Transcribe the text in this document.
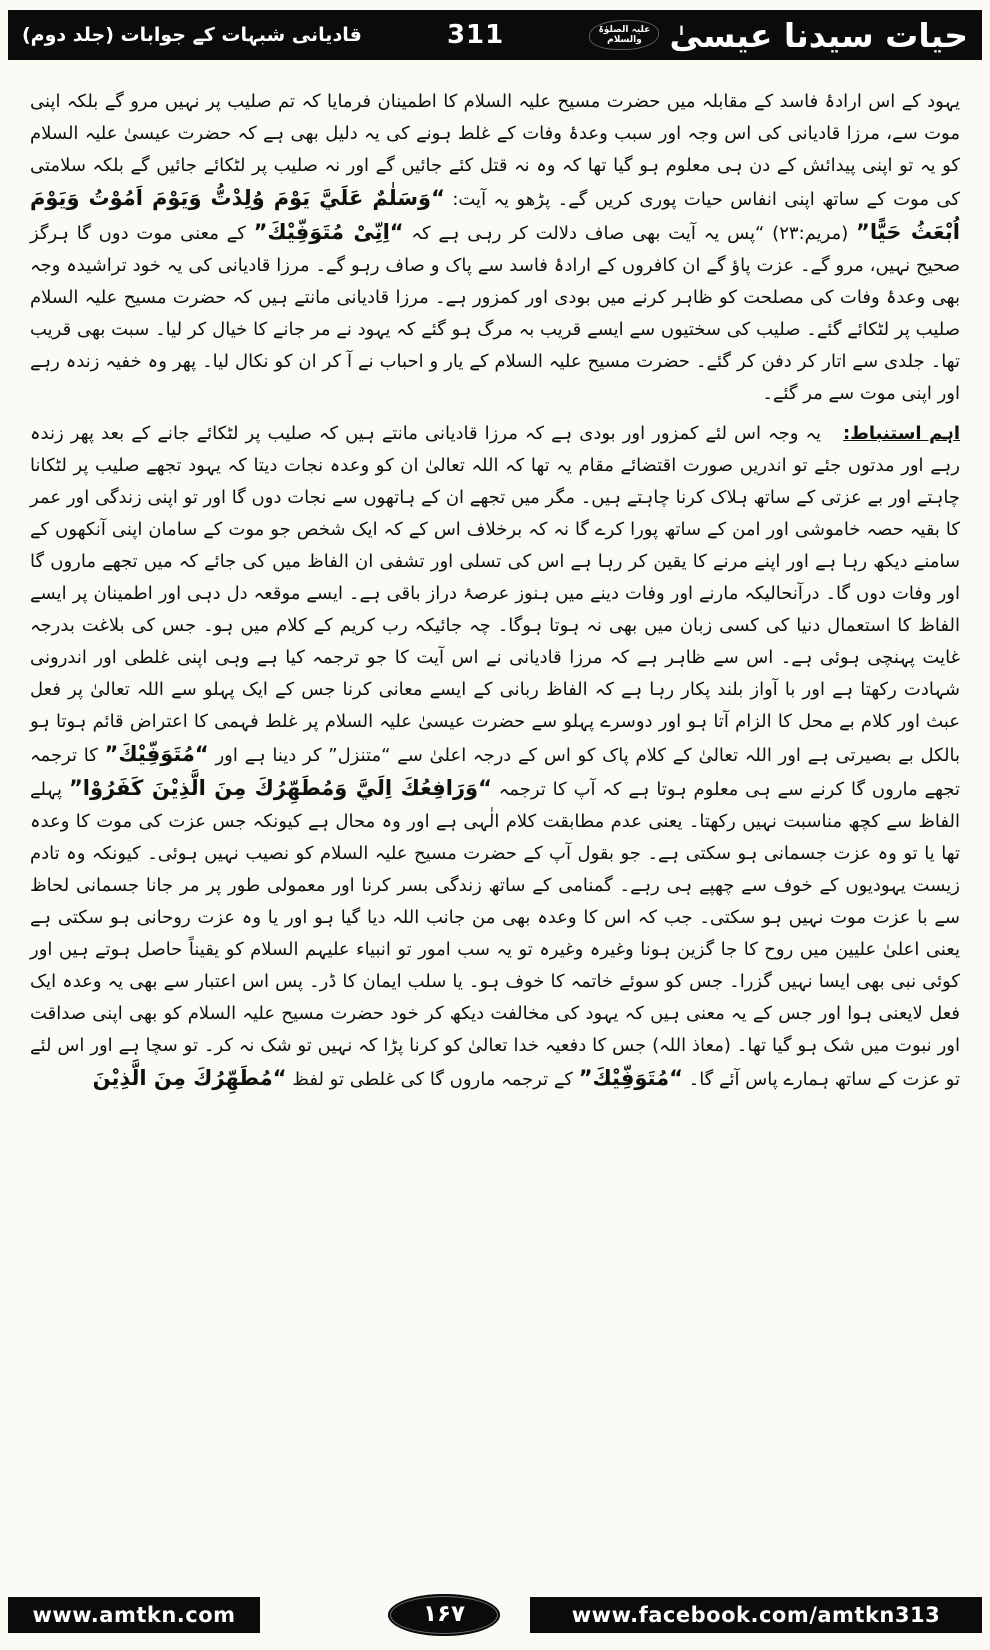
قادیانی شبہات کے جوابات (جلد دوم)	311	حیات سیدنا عیسیٰ
علیہ الصلوٰۃ والسلام

یہود کے اس ارادۂ فاسد کے مقابلہ میں حضرت مسیح علیہ السلام کا اطمینان فرمایا کہ تم صلیب پر نہیں مرو گے بلکہ اپنی موت سے، مرزا قادیانی کی اس وجہ اور سبب وعدۂ وفات کے غلط ہونے کی یہ دلیل بھی ہے کہ حضرت عیسیٰ علیہ السلام کو یہ تو اپنی پیدائش کے دن ہی معلوم ہو گیا تھا کہ وہ نہ قتل کئے جائیں گے اور نہ صلیب پر لٹکائے جائیں گے بلکہ سلامتی کی موت کے ساتھ اپنی انفاس حیات پوری کریں گے۔ پڑھو یہ آیت: “وَسَلٰمٌ عَلَيَّ يَوْمَ وُلِدْتُّ وَيَوْمَ اَمُوْتُ وَيَوْمَ اُبْعَثُ حَيًّا” (مریم:۲۳) “پس یہ آیت بھی صاف دلالت کر رہی ہے کہ “اِنِّیْ مُتَوَفِّيْكَ” کے معنی موت دوں گا ہرگز صحیح نہیں، مرو گے۔ عزت پاؤ گے ان کافروں کے ارادۂ فاسد سے پاک و صاف رہو گے۔ مرزا قادیانی کی یہ خود تراشیدہ وجہ بھی وعدۂ وفات کی مصلحت کو ظاہر کرنے میں بودی اور کمزور ہے۔ مرزا قادیانی مانتے ہیں کہ حضرت مسیح علیہ السلام صلیب پر لٹکائے گئے۔ صلیب کی سختیوں سے ایسے قریب بہ مرگ ہو گئے کہ یہود نے مر جانے کا خیال کر لیا۔ سبت بھی قریب تھا۔ جلدی سے اتار کر دفن کر گئے۔ حضرت مسیح علیہ السلام کے یار و احباب نے آ کر ان کو نکال لیا۔ پھر وہ خفیہ زندہ رہے اور اپنی موت سے مر گئے۔

اہم استنباط:یہ وجہ اس لئے کمزور اور بودی ہے کہ مرزا قادیانی مانتے ہیں کہ صلیب پر لٹکائے جانے کے بعد پھر زندہ رہے اور مدتوں جئے تو اندریں صورت اقتضائے مقام یہ تھا کہ اللہ تعالیٰ ان کو وعدہ نجات دیتا کہ یہود تجھے صلیب پر لٹکانا چاہتے اور بے عزتی کے ساتھ ہلاک کرنا چاہتے ہیں۔ مگر میں تجھے ان کے ہاتھوں سے نجات دوں گا اور تو اپنی زندگی اور عمر کا بقیہ حصہ خاموشی اور امن کے ساتھ پورا کرے گا نہ کہ برخلاف اس کے کہ ایک شخص جو موت کے سامان اپنی آنکھوں کے سامنے دیکھ رہا ہے اور اپنے مرنے کا یقین کر رہا ہے اس کی تسلی اور تشفی ان الفاظ میں کی جائے کہ میں تجھے ماروں گا اور وفات دوں گا۔ درآنحالیکہ مارنے اور وفات دینے میں ہنوز عرصۂ دراز باقی ہے۔ ایسے موقعہ دل دہی اور اطمینان پر ایسے الفاظ کا استعمال دنیا کی کسی زبان میں بھی نہ ہوتا ہوگا۔ چہ جائیکہ رب کریم کے کلام میں ہو۔ جس کی بلاغت بدرجہ غایت پہنچی ہوئی ہے۔ اس سے ظاہر ہے کہ مرزا قادیانی نے اس آیت کا جو ترجمہ کیا ہے وہی اپنی غلطی اور اندرونی شہادت رکھتا ہے اور با آواز بلند پکار رہا ہے کہ الفاظ ربانی کے ایسے معانی کرنا جس کے ایک پہلو سے اللہ تعالیٰ پر فعل عبث اور کلام بے محل کا الزام آتا ہو اور دوسرے پہلو سے حضرت عیسیٰ علیہ السلام پر غلط فہمی کا اعتراض قائم ہوتا ہو بالکل بے بصیرتی ہے اور اللہ تعالیٰ کے کلام پاک کو اس کے درجہ اعلیٰ سے “متنزل” کر دینا ہے اور “مُتَوَفِّيْكَ” کا ترجمہ تجھے ماروں گا کرنے سے ہی معلوم ہوتا ہے کہ آپ کا ترجمہ “وَرَافِعُكَ اِلَيَّ وَمُطَهِّرُكَ مِنَ الَّذِيْنَ كَفَرُوْا” پہلے الفاظ سے کچھ مناسبت نہیں رکھتا۔ یعنی عدم مطابقت کلام الٰہی ہے اور وہ محال ہے کیونکہ جس عزت کی موت کا وعدہ تھا یا تو وہ عزت جسمانی ہو سکتی ہے۔ جو بقول آپ کے حضرت مسیح علیہ السلام کو نصیب نہیں ہوئی۔ کیونکہ وہ تادم زیست یہودیوں کے خوف سے چھپے ہی رہے۔ گمنامی کے ساتھ زندگی بسر کرنا اور معمولی طور پر مر جانا جسمانی لحاظ سے با عزت موت نہیں ہو سکتی۔ جب کہ اس کا وعدہ بھی من جانب اللہ دیا گیا ہو اور یا وہ عزت روحانی ہو سکتی ہے یعنی اعلیٰ علیین میں روح کا جا گزین ہونا وغیرہ وغیرہ تو یہ سب امور تو انبیاء علیہم السلام کو یقیناً حاصل ہوتے ہیں اور کوئی نبی بھی ایسا نہیں گزرا۔ جس کو سوئے خاتمہ کا خوف ہو۔ یا سلب ایمان کا ڈر۔ پس اس اعتبار سے بھی یہ وعدہ ایک فعل لایعنی ہوا اور جس کے یہ معنی ہیں کہ یہود کی مخالفت دیکھ کر خود حضرت مسیح علیہ السلام کو بھی اپنی صداقت اور نبوت میں شک ہو گیا تھا۔ (معاذ اللہ) جس کا دفعیہ خدا تعالیٰ کو کرنا پڑا کہ نہیں تو شک نہ کر۔ تو سچا ہے اور اس لئے تو عزت کے ساتھ ہمارے پاس آئے گا۔ “مُتَوَفِّيْكَ” کے ترجمہ ماروں گا کی غلطی تو لفظ “مُطَهِّرُكَ مِنَ الَّذِيْنَ

www.amtkn.com	۱۶۷	www.facebook.com/amtkn313
